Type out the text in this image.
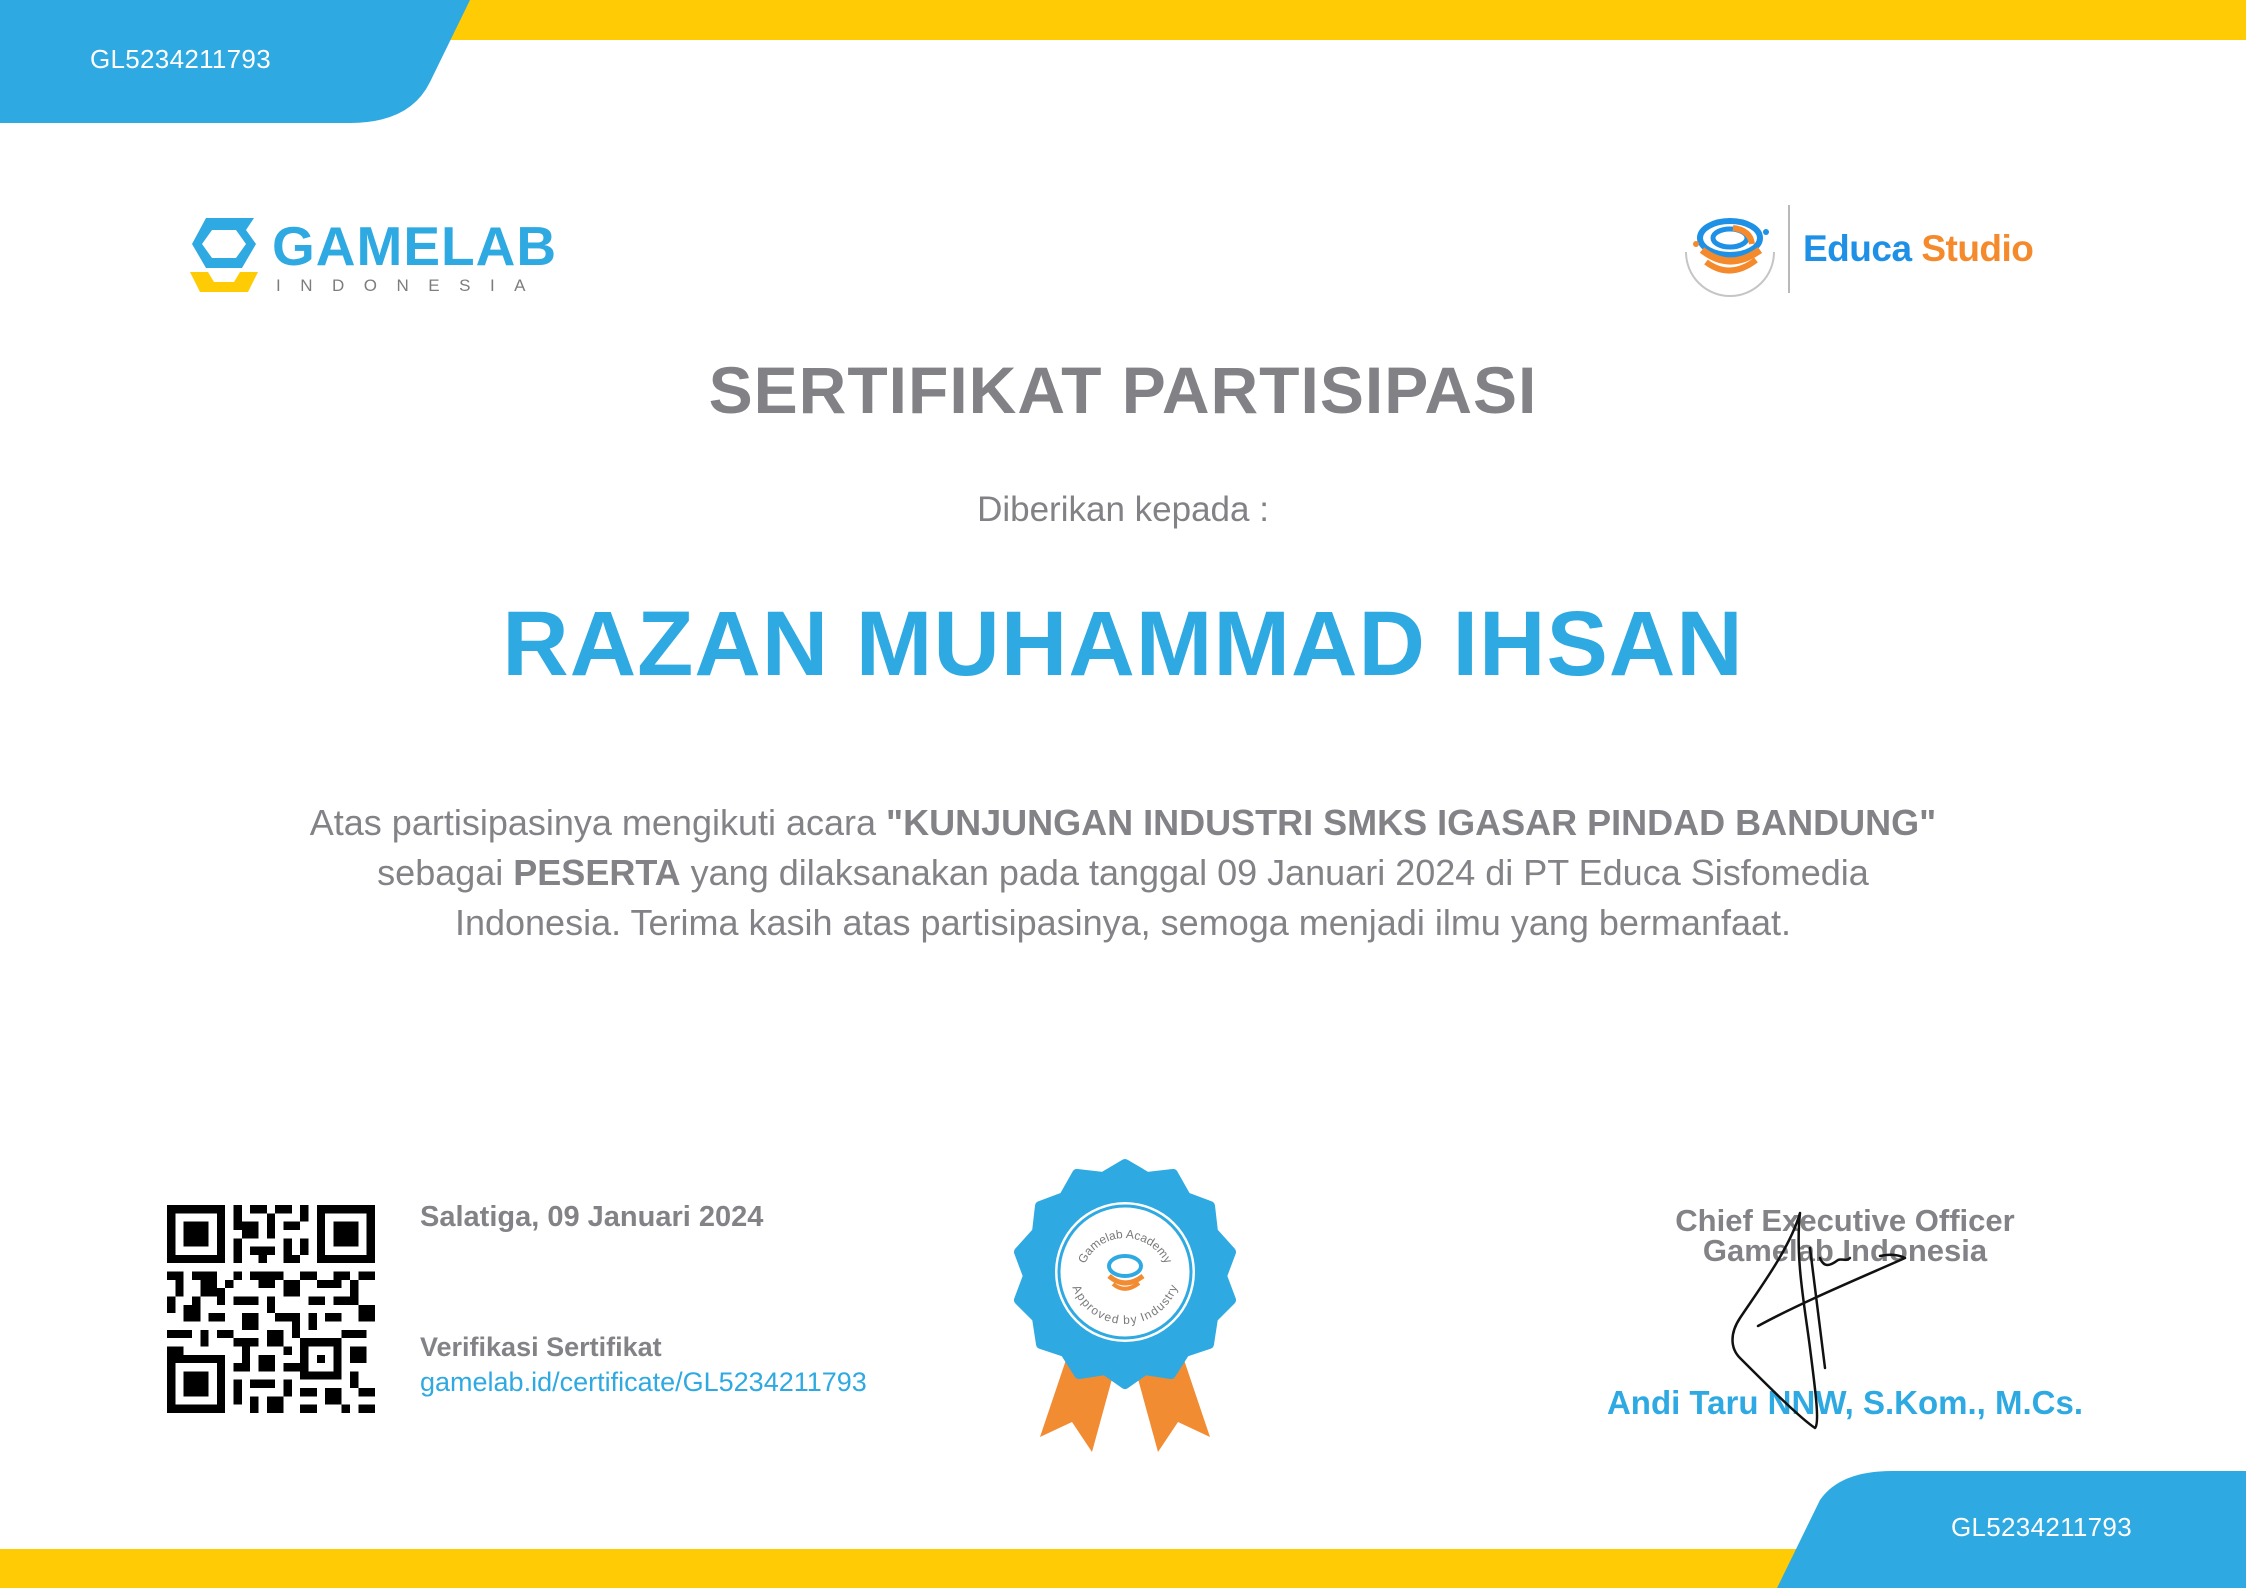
GL5234211793
GAMELAB
INDONESIA
Educa Studio
SERTIFIKAT PARTISIPASI
Diberikan kepada :
RAZAN MUHAMMAD IHSAN
Atas partisipasinya mengikuti acara "KUNJUNGAN INDUSTRI SMKS IGASAR PINDAD BANDUNG"
sebagai PESERTA yang dilaksanakan pada tanggal 09 Januari 2024 di PT Educa Sisfomedia
Indonesia. Terima kasih atas partisipasinya, semoga menjadi ilmu yang bermanfaat.
Salatiga, 09 Januari 2024
Verifikasi Sertifikat
gamelab.id/certificate/GL5234211793
Gamelab Academy
Approved by Industry
Chief Executive Officer
Gamelab Indonesia
Andi Taru NNW, S.Kom., M.Cs.
GL5234211793
